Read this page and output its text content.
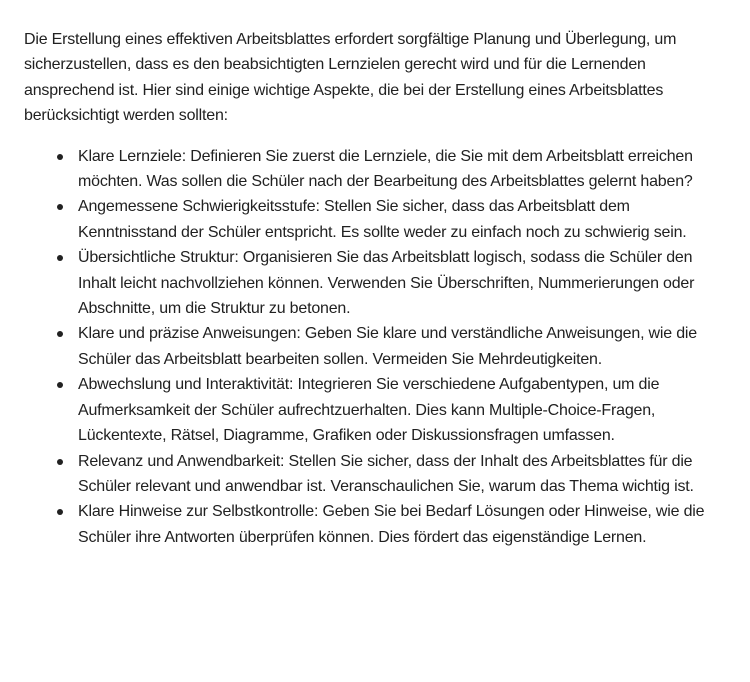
Die Erstellung eines effektiven Arbeitsblattes erfordert sorgfältige Planung und Überlegung, um sicherzustellen, dass es den beabsichtigten Lernzielen gerecht wird und für die Lernenden ansprechend ist. Hier sind einige wichtige Aspekte, die bei der Erstellung eines Arbeitsblattes berücksichtigt werden sollten:

Klare Lernziele: Definieren Sie zuerst die Lernziele, die Sie mit dem Arbeitsblatt erreichen möchten. Was sollen die Schüler nach der Bearbeitung des Arbeitsblattes gelernt haben?
Angemessene Schwierigkeitsstufe: Stellen Sie sicher, dass das Arbeitsblatt dem Kenntnisstand der Schüler entspricht. Es sollte weder zu einfach noch zu schwierig sein.
Übersichtliche Struktur: Organisieren Sie das Arbeitsblatt logisch, sodass die Schüler den Inhalt leicht nachvollziehen können. Verwenden Sie Überschriften, Nummerierungen oder Abschnitte, um die Struktur zu betonen.
Klare und präzise Anweisungen: Geben Sie klare und verständliche Anweisungen, wie die Schüler das Arbeitsblatt bearbeiten sollen. Vermeiden Sie Mehrdeutigkeiten.
Abwechslung und Interaktivität: Integrieren Sie verschiedene Aufgabentypen, um die Aufmerksamkeit der Schüler aufrechtzuerhalten. Dies kann Multiple-Choice-Fragen, Lückentexte, Rätsel, Diagramme, Grafiken oder Diskussionsfragen umfassen.
Relevanz und Anwendbarkeit: Stellen Sie sicher, dass der Inhalt des Arbeitsblattes für die Schüler relevant und anwendbar ist. Veranschaulichen Sie, warum das Thema wichtig ist.
Klare Hinweise zur Selbstkontrolle: Geben Sie bei Bedarf Lösungen oder Hinweise, wie die Schüler ihre Antworten überprüfen können. Dies fördert das eigenständige Lernen.
